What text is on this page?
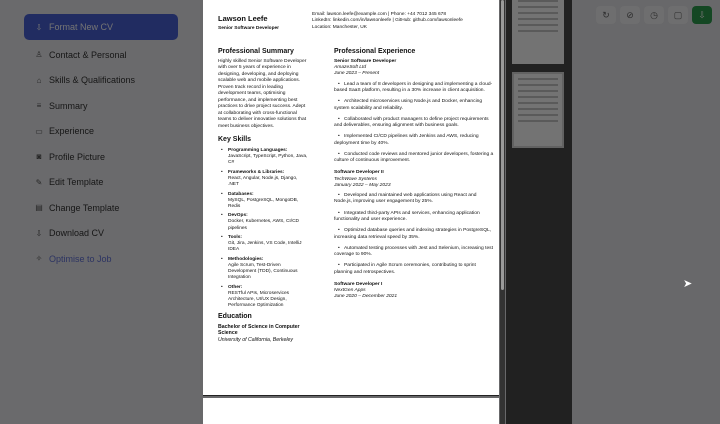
Lawson Leefe
Senior Software Developer
Email: lawson.leefe@example.com | Phone: +44 7012 345 678
LinkedIn: linkedin.com/in/lawsonleefe | GitHub: github.com/lawsonleefe
Location: Manchester, UK
Professional Summary
Highly skilled Senior Software Developer with over 5 years of experience in designing, developing, and deploying scalable web and mobile applications. Proven track record in leading development teams, optimising performance, and implementing best practices to drive project success. Adept at collaborating with cross-functional teams to deliver innovative solutions that meet business objectives.
Key Skills
• Programming Languages:
JavaScript, TypeScript, Python, Java, C#
• Frameworks & Libraries:
React, Angular, Node.js, Django, .NET
• Databases:
MySQL, PostgreSQL, MongoDB, Redis
• DevOps:
Docker, Kubernetes, AWS, CI/CD pipelines
• Tools:
Git, Jira, Jenkins, VS Code, IntelliJ IDEA
• Methodologies:
Agile Scrum, Test-Driven Development (TDD), Continuous Integration
• Other:
RESTful APIs, Microservices Architecture, UI/UX Design, Performance Optimization
Education
Bachelor of Science in Computer Science
University of California, Berkeley
Professional Experience
Senior Software Developer
AmazeSoft Ltd
June 2023 – Present
• Lead a team of 8 developers in designing and implementing a cloud-based SaaS platform, resulting in a 30% increase in client acquisition.
• Architected microservices using Node.js and Docker, enhancing system scalability and reliability.
• Collaborated with product managers to define project requirements and deliverables, ensuring alignment with business goals.
• Implemented CI/CD pipelines with Jenkins and AWS, reducing deployment time by 40%.
• Conducted code reviews and mentored junior developers, fostering a culture of continuous improvement.
Software Developer II
TechWave Systems
January 2022 – May 2023
• Developed and maintained web applications using React and Node.js, improving user engagement by 25%.
• Integrated third-party APIs and services, enhancing application functionality and user experience.
• Optimized database queries and indexing strategies in PostgreSQL, increasing data retrieval speed by 35%.
• Automated testing processes with Jest and Selenium, increasing test coverage to 90%.
• Participated in Agile Scrum ceremonies, contributing to sprint planning and retrospectives.
Software Developer I
NextGen Apps
June 2020 – December 2021
➤
